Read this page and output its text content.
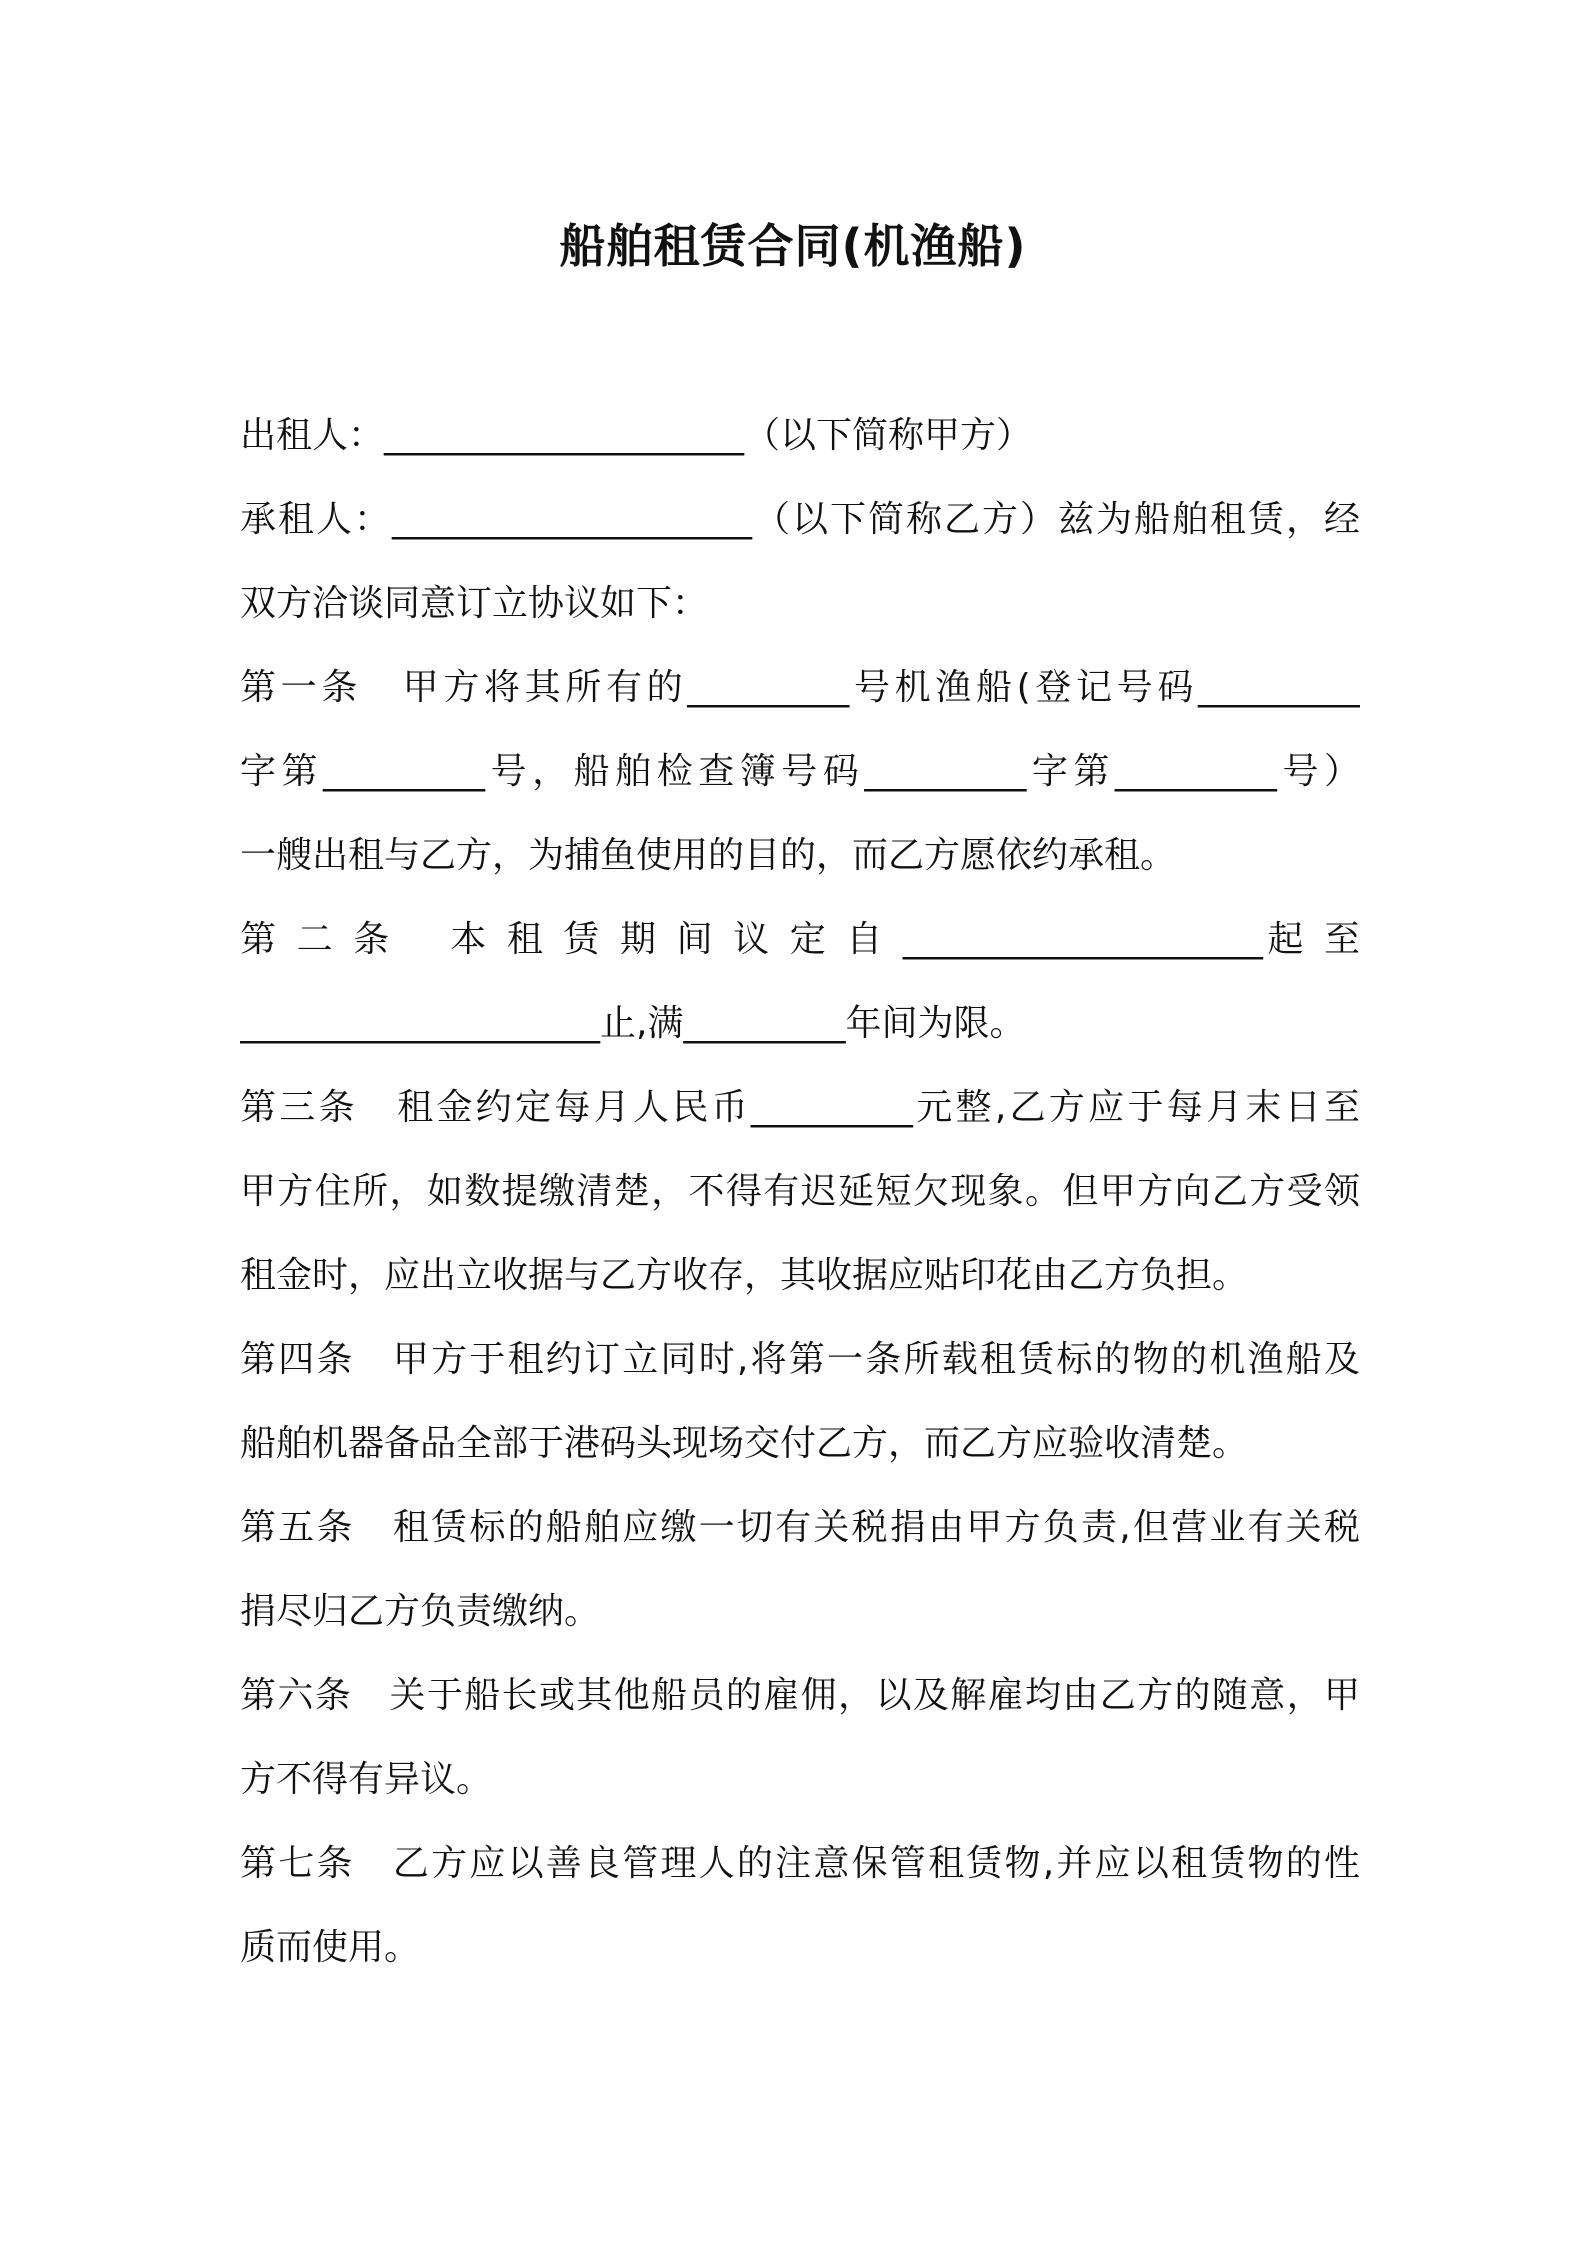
船舶租赁合同(机渔船)
出租人：____________________（以下简称甲方）
承租人：____________________（以下简称乙方）兹为船舶租赁，经
双方洽谈同意订立协议如下：
第一条　甲方将其所有的_________号机渔船(登记号码_________
字第_________号，船舶检查簿号码_________字第_________号）
一艘出租与乙方，为捕鱼使用的目的，而乙方愿依约承租。
第 二 条　 本 租 赁 期 间 议 定 自 ____________________起 至
____________________止,满_________年间为限。
第三条　租金约定每月人民币_________元整,乙方应于每月末日至
甲方住所，如数提缴清楚，不得有迟延短欠现象。但甲方向乙方受领
租金时，应出立收据与乙方收存，其收据应贴印花由乙方负担。
第四条　甲方于租约订立同时,将第一条所载租赁标的物的机渔船及
船舶机器备品全部于港码头现场交付乙方，而乙方应验收清楚。
第五条　租赁标的船舶应缴一切有关税捐由甲方负责,但营业有关税
捐尽归乙方负责缴纳。
第六条　关于船长或其他船员的雇佣，以及解雇均由乙方的随意，甲
方不得有异议。
第七条　乙方应以善良管理人的注意保管租赁物,并应以租赁物的性
质而使用。
